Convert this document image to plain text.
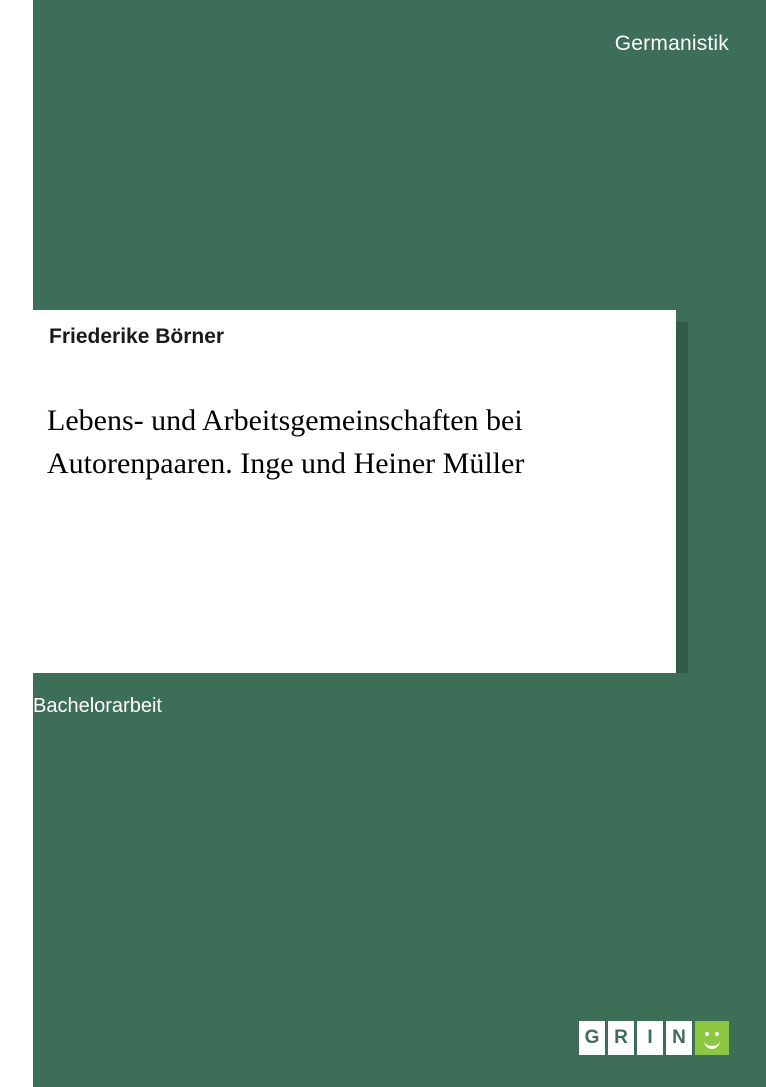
Germanistik
Friederike Börner
Lebens- und Arbeitsgemeinschaften bei Autorenpaaren. Inge und Heiner Müller
Bachelorarbeit
G R	I	N
